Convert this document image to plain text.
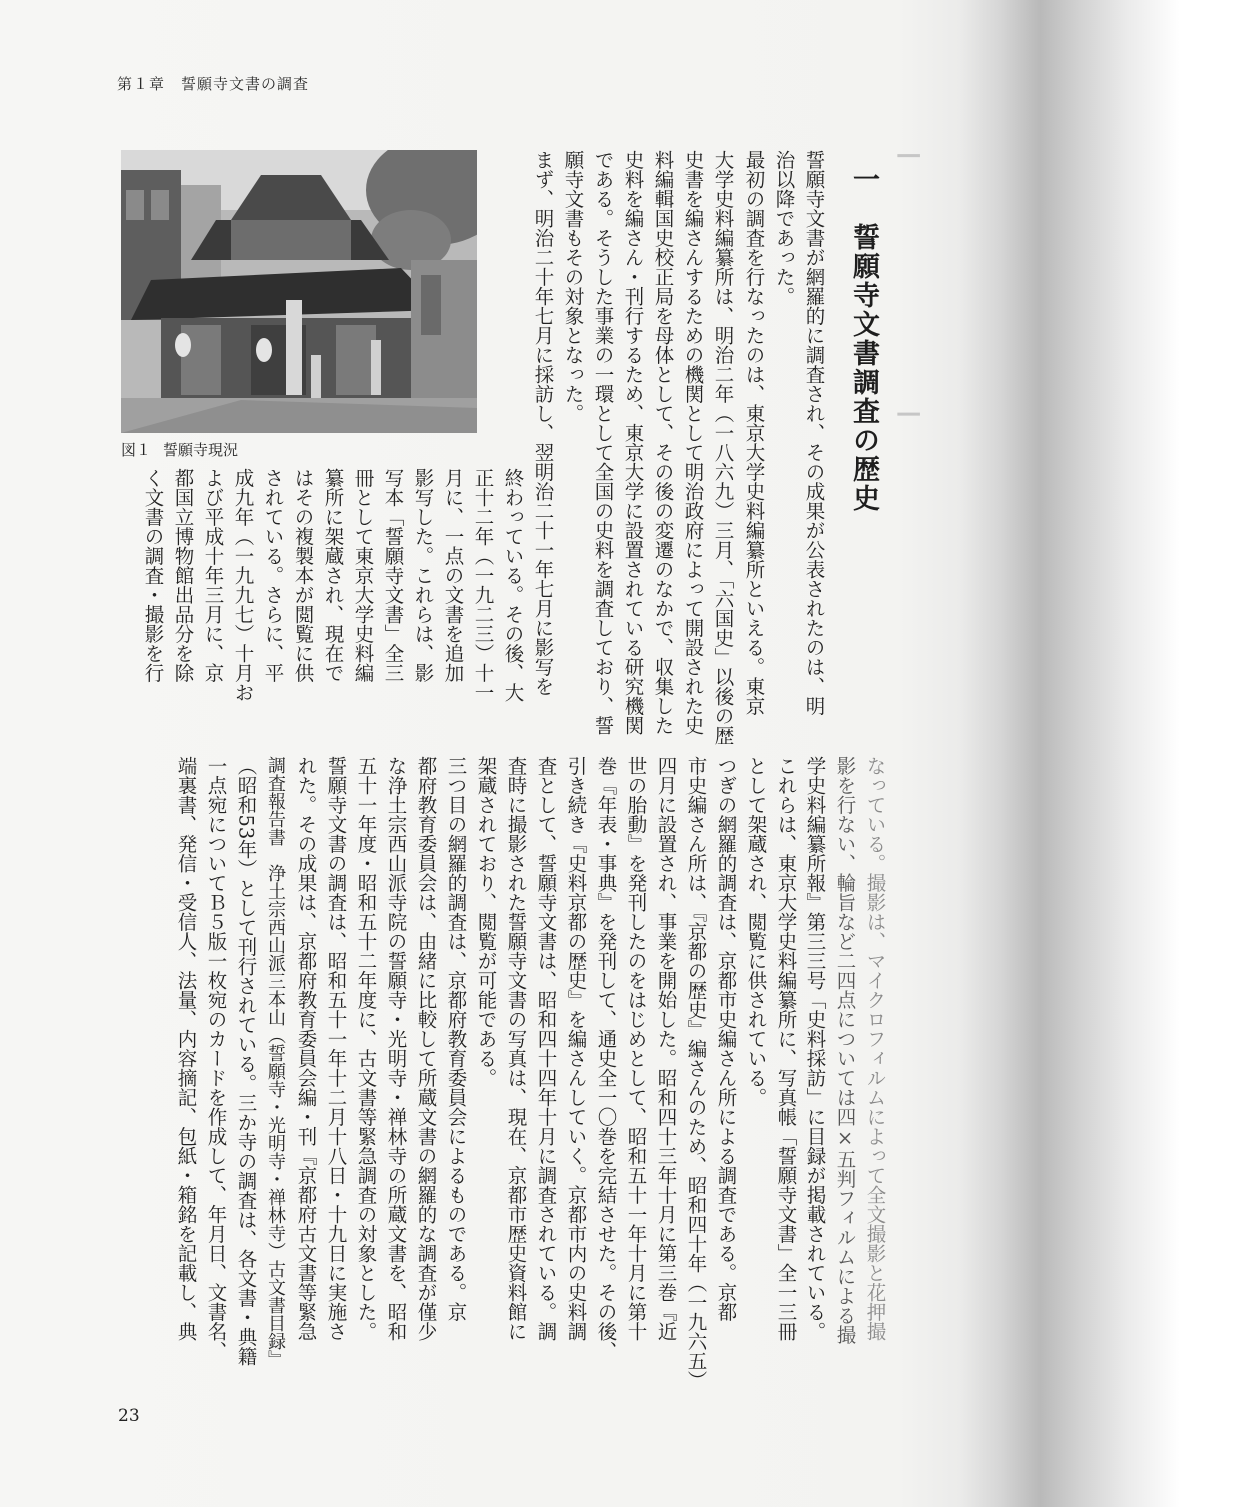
┃　　　　　　　　　　　　　┃
第１章　誓願寺文書の調査
図１ 誓願寺現況	一　誓願寺文書調査の歴史
誓願寺文書が網羅的に調査され、その成果が公表されたのは、明
治以降であった。
最初の調査を行なったのは、東京大学史料編纂所といえる。東京
大学史料編纂所は、明治二年（一八六九）三月、「六国史」以後の歴
史書を編さんするための機関として明治政府によって開設された史
料編輯国史校正局を母体として、その後の変遷のなかで、収集した
史料を編さん・刊行するため、東京大学に設置されている研究機関
である。そうした事業の一環として全国の史料を調査しており、誓
願寺文書もその対象となった。
まず、明治二十年七月に採訪し、翌明治二十一年七月に影写を
終わっている。その後、大
正十二年（一九二三）十一
月に、一点の文書を追加
影写した。これらは、影
写本「誓願寺文書」全三
冊として東京大学史料編
纂所に架蔵され、現在で
はその複製本が閲覧に供
されている。さらに、平
成九年（一九九七）十月お
よび平成十年三月に、京
都国立博物館出品分を除
く文書の調査・撮影を行
なっている。撮影は、マイクロフィルムによって全文撮影と花押撮
影を行ない、輪旨など二四点については四×五判フィルムによる撮
学史料編纂所報』第三三号「史料採訪」に目録が掲載されている。
これらは、東京大学史料編纂所に、写真帳「誓願寺文書」全一三冊
として架蔵され、閲覧に供されている。
つぎの網羅的調査は、京都市史編さん所による調査である。京都
市史編さん所は、『京都の歴史』編さんのため、昭和四十年（一九六五）
四月に設置され、事業を開始した。昭和四十三年十月に第三巻『近
世の胎動』を発刊したのをはじめとして、昭和五十一年十月に第十
巻『年表・事典』を発刊して、通史全一〇巻を完結させた。その後、
引き続き『史料京都の歴史』を編さんしていく。京都市内の史料調
査として、誓願寺文書は、昭和四十四年十月に調査されている。調
査時に撮影された誓願寺文書の写真は、現在、京都市歴史資料館に
架蔵されており、閲覧が可能である。
三つ目の網羅的調査は、京都府教育委員会によるものである。京
都府教育委員会は、由緒に比較して所蔵文書の網羅的な調査が僅少
な浄土宗西山派寺院の誓願寺・光明寺・禅林寺の所蔵文書を、昭和
五十一年度・昭和五十二年度に、古文書等緊急調査の対象とした。
誓願寺文書の調査は、昭和五十一年十二月十八日・十九日に実施さ
れた。その成果は、京都府教育委員会編・刊『京都府古文書等緊急
調査報告書　浄土宗西山派三本山（誓願寺・光明寺・禅林寺）古文書目録』
（昭和53年）として刊行されている。三か寺の調査は、各文書・典籍
一点宛についてＢ５版一枚宛のカードを作成して、年月日、文書名、
端裏書、発信・受信人、法量、内容摘記、包紙・箱銘を記載し、典
23
